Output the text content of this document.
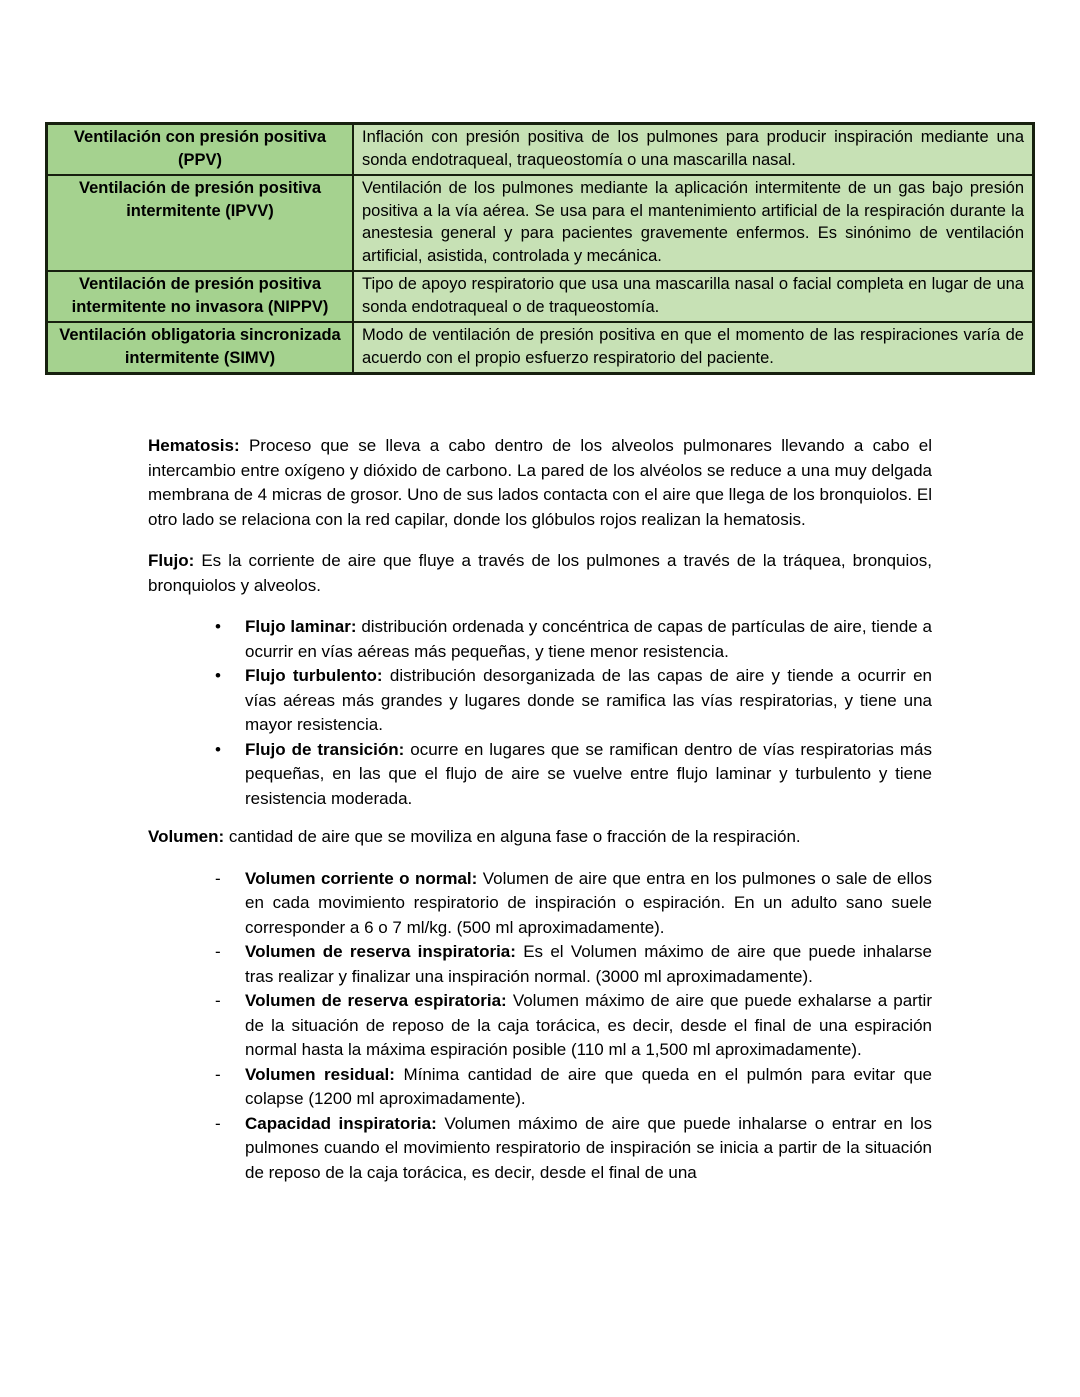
Ventilación con presión positiva (PPV)	Inflación con presión positiva de los pulmones para producir inspiración mediante una sonda endotraqueal, traqueostomía o una mascarilla nasal.
Ventilación de presión positiva intermitente (IPVV)	Ventilación de los pulmones mediante la aplicación intermitente de un gas bajo presión positiva a la vía aérea. Se usa para el mantenimiento artificial de la respiración durante la anestesia general y para pacientes gravemente enfermos. Es sinónimo de ventilación artificial, asistida, controlada y mecánica.
Ventilación de presión positiva intermitente no invasora (NIPPV)	Tipo de apoyo respiratorio que usa una mascarilla nasal o facial completa en lugar de una sonda endotraqueal o de traqueostomía.
Ventilación obligatoria sincronizada intermitente (SIMV)	Modo de ventilación de presión positiva en que el momento de las respiraciones varía de acuerdo con el propio esfuerzo respiratorio del paciente.

Hematosis: Proceso que se lleva a cabo dentro de los alveolos pulmonares llevando a cabo el intercambio entre oxígeno y dióxido de carbono. La pared de los alvéolos se reduce a una muy delgada membrana de 4 micras de grosor. Uno de sus lados contacta con el aire que llega de los bronquiolos. El otro lado se relaciona con la red capilar, donde los glóbulos rojos realizan la hematosis.

Flujo: Es la corriente de aire que fluye a través de los pulmones a través de la tráquea, bronquios, bronquiolos y alveolos.

•	Flujo laminar: distribución ordenada y concéntrica de capas de partículas de aire, tiende a ocurrir en vías aéreas más pequeñas, y tiene menor resistencia.
•	Flujo turbulento: distribución desorganizada de las capas de aire y tiende a ocurrir en vías aéreas más grandes y lugares donde se ramifica las vías respiratorias, y tiene una mayor resistencia.
•	Flujo de transición: ocurre en lugares que se ramifican dentro de vías respiratorias más pequeñas, en las que el flujo de aire se vuelve entre flujo laminar y turbulento y tiene resistencia moderada.

Volumen: cantidad de aire que se moviliza en alguna fase o fracción de la respiración.

-	Volumen corriente o normal: Volumen de aire que entra en los pulmones o sale de ellos en cada movimiento respiratorio de inspiración o espiración. En un adulto sano suele corresponder a 6 o 7 ml/kg. (500 ml aproximadamente).
-	Volumen de reserva inspiratoria: Es el Volumen máximo de aire que puede inhalarse tras realizar y finalizar una inspiración normal. (3000 ml aproximadamente).
-	Volumen de reserva espiratoria: Volumen máximo de aire que puede exhalarse a partir de la situación de reposo de la caja torácica, es decir, desde el final de una espiración normal hasta la máxima espiración posible (110 ml a 1,500 ml aproximadamente).
-	Volumen residual: Mínima cantidad de aire que queda en el pulmón para evitar que colapse (1200 ml aproximadamente).
-	Capacidad inspiratoria: Volumen máximo de aire que puede inhalarse o entrar en los pulmones cuando el movimiento respiratorio de inspiración se inicia a partir de la situación de reposo de la caja torácica, es decir, desde el final de una
